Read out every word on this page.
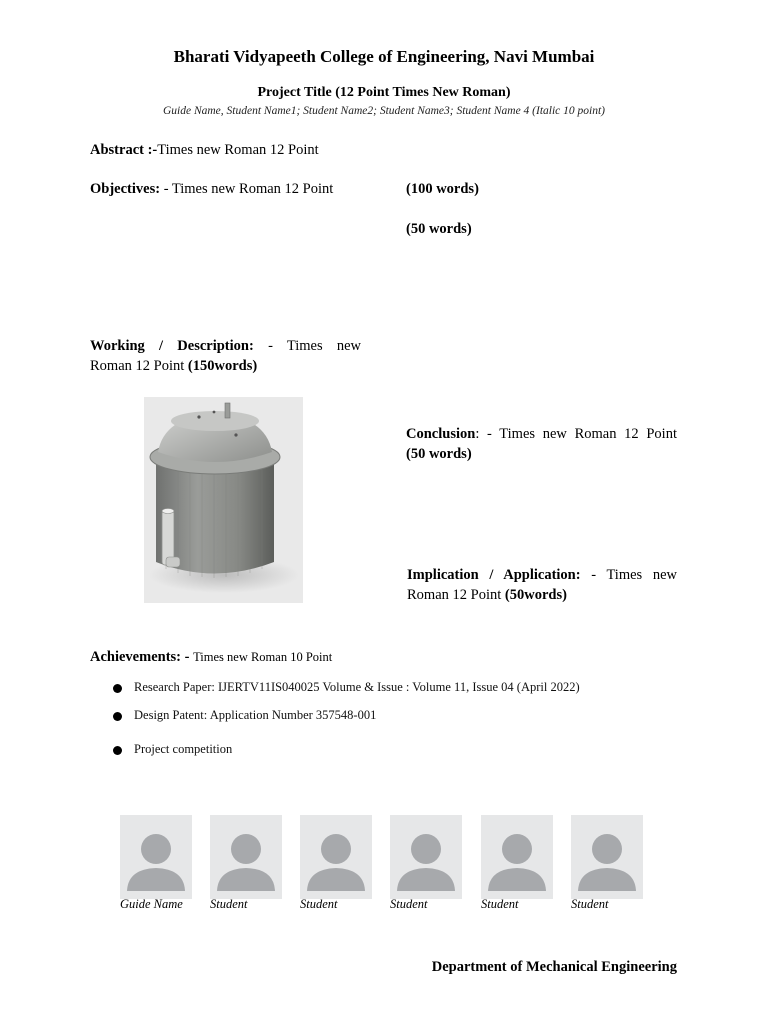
Bharati Vidyapeeth College of Engineering, Navi Mumbai
Project Title (12 Point Times New Roman)
Guide Name, Student Name1; Student Name2; Student Name3; Student Name 4 (Italic 10 point)
Abstract :-Times new Roman 12 Point
Objectives: - Times new Roman 12 Point	(100 words)
(50 words)
Working / Description: - Times new
Roman 12 Point (150words)
Conclusion: - Times new Roman 12 Point
(50 words)
Implication / Application: - Times new
Roman 12 Point (50words)
Achievements: - Times new Roman 10 Point
Research Paper: IJERTV11IS040025 Volume & Issue : Volume 11, Issue 04 (April 2022)
Design Patent: Application Number 357548-001
Project competition
Guide Name Student	Student	Student	Student	Student
Department of Mechanical Engineering
